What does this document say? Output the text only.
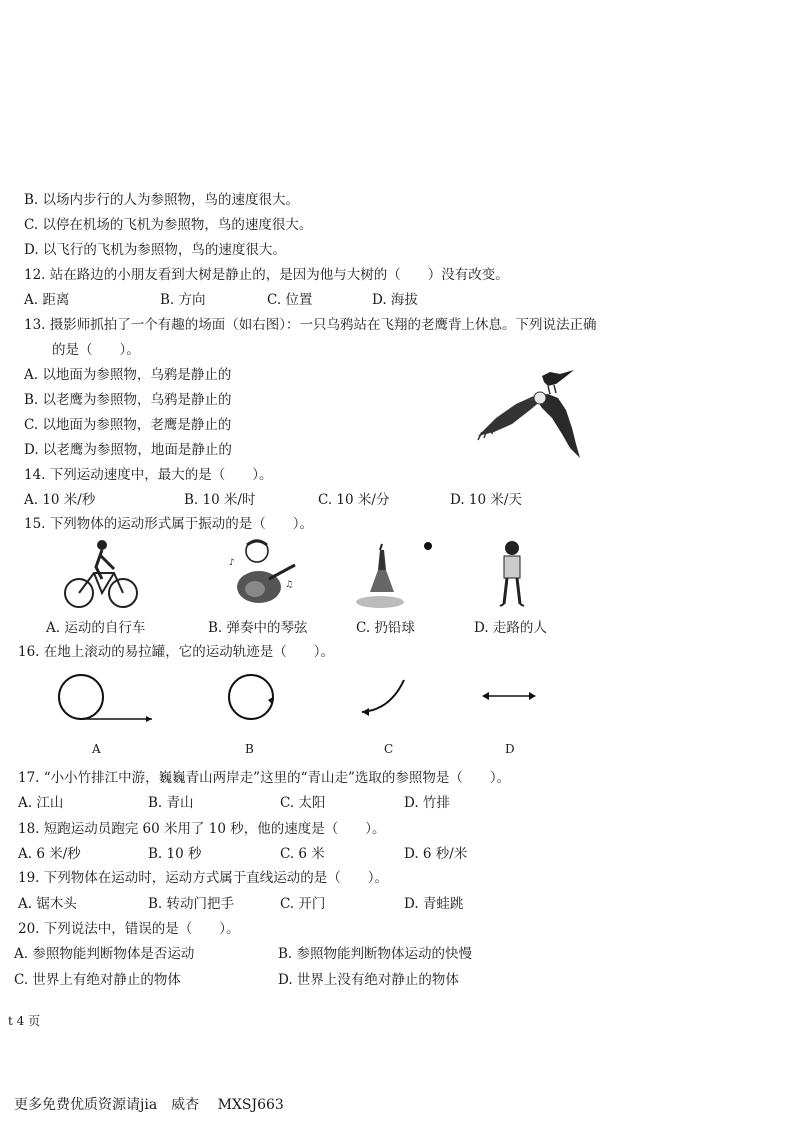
B. 以场内步行的人为参照物，鸟的速度很大。
C. 以停在机场的飞机为参照物，鸟的速度很大。
D. 以飞行的飞机为参照物，鸟的速度很大。
12. 站在路边的小朋友看到大树是静止的，是因为他与大树的（　　）没有改变。
A. 距离	B. 方向	C. 位置	D. 海拔
13. 摄影师抓拍了一个有趣的场面（如右图）：一只乌鸦站在飞翔的老鹰背上休息。下列说法正确
的是（　　）。
A. 以地面为参照物，乌鸦是静止的
B. 以老鹰为参照物，乌鸦是静止的
C. 以地面为参照物，老鹰是静止的
D. 以老鹰为参照物，地面是静止的
14. 下列运动速度中，最大的是（　　）。
A. 10 米/秒	B. 10 米/时	C. 10 米/分	D. 10 米/天
15. 下列物体的运动形式属于振动的是（　　）。
♪
♫
A. 运动的自行车	B. 弹奏中的琴弦	C. 扔铅球	D. 走路的人
16. 在地上滚动的易拉罐，它的运动轨迹是（　　）。
A	B	C	D
17. “小小竹排江中游，巍巍青山两岸走”这里的“青山走”选取的参照物是（　　）。
A. 江山	B. 青山	C. 太阳	D. 竹排
18. 短跑运动员跑完 60 米用了 10 秒，他的速度是（　　）。
A. 6 米/秒	B. 10 秒	C. 6 米	D. 6 秒/米
19. 下列物体在运动时，运动方式属于直线运动的是（　　）。
A. 锯木头	B. 转动门把手	C. 开门	D. 青蛙跳
20. 下列说法中，错误的是（　　）。
A. 参照物能判断物体是否运动	B. 参照物能判断物体运动的快慢
C. 世界上有绝对静止的物体	D. 世界上没有绝对静止的物体
t 4 页
更多免费优质资源请jia　威杏　 MXSJ663
